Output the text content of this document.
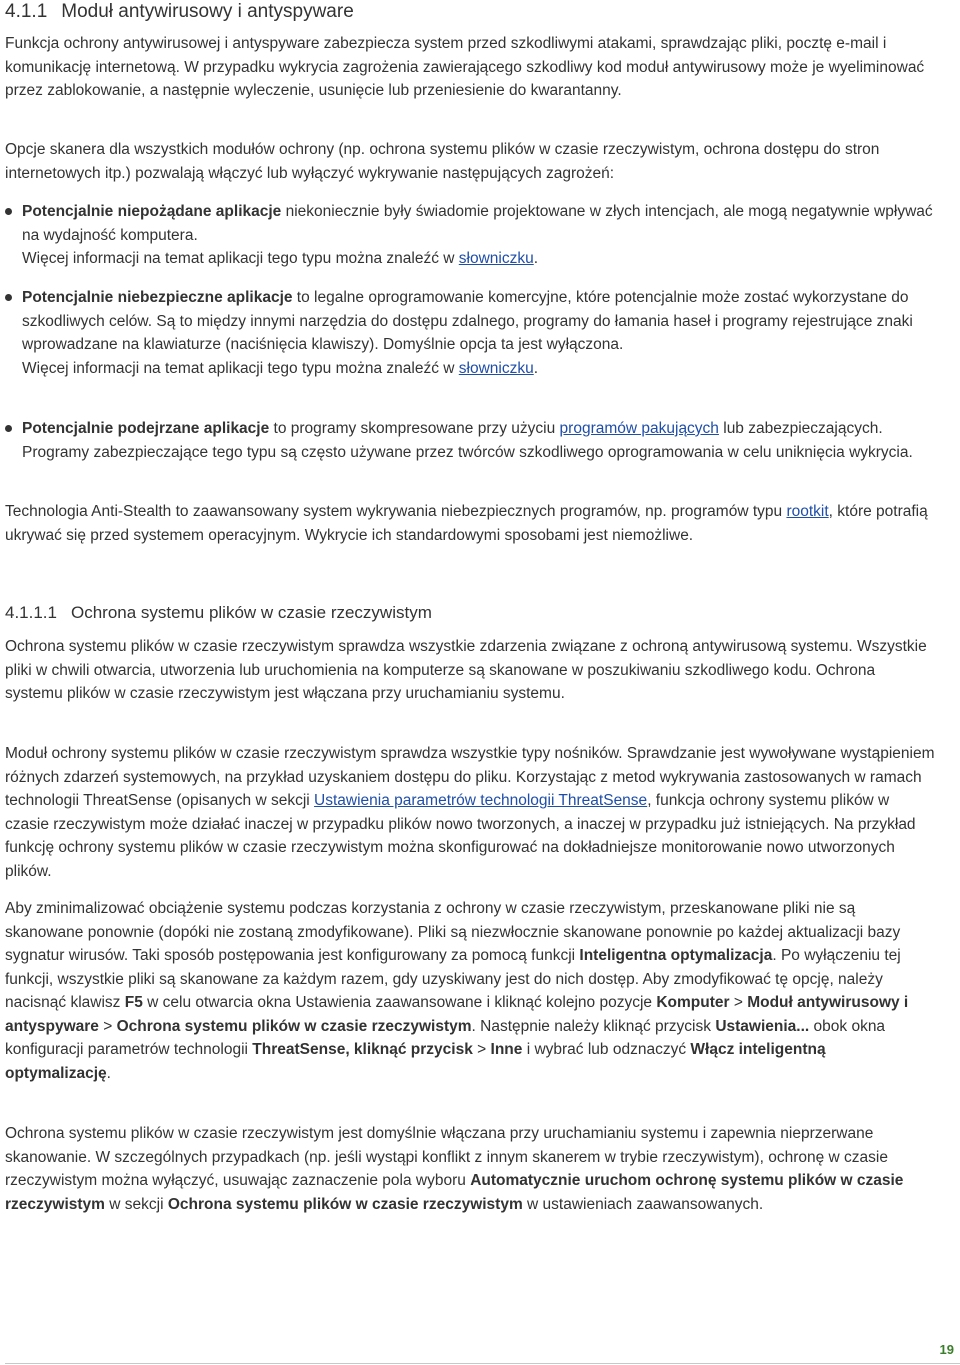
4.1.1 Moduł antywirusowy i antyspyware

Funkcja ochrony antywirusowej i antyspyware zabezpiecza system przed szkodliwymi atakami, sprawdzając pliki, pocztę e-mail i komunikację internetową. W przypadku wykrycia zagrożenia zawierającego szkodliwy kod moduł antywirusowy może je wyeliminować przez zablokowanie, a następnie wyleczenie, usunięcie lub przeniesienie do kwarantanny.

Opcje skanera dla wszystkich modułów ochrony (np. ochrona systemu plików w czasie rzeczywistym, ochrona dostępu do stron internetowych itp.) pozwalają włączyć lub wyłączyć wykrywanie następujących zagrożeń:

Potencjalnie niepożądane aplikacje niekoniecznie były świadomie projektowane w złych intencjach, ale mogą negatywnie wpływać na wydajność komputera.
Więcej informacji na temat aplikacji tego typu można znaleźć w słowniczku.
Potencjalnie niebezpieczne aplikacje to legalne oprogramowanie komercyjne, które potencjalnie może zostać wykorzystane do szkodliwych celów. Są to między innymi narzędzia do dostępu zdalnego, programy do łamania haseł i programy rejestrujące znaki wprowadzane na klawiaturze (naciśnięcia klawiszy). Domyślnie opcja ta jest wyłączona.
Więcej informacji na temat aplikacji tego typu można znaleźć w słowniczku.
Potencjalnie podejrzane aplikacje to programy skompresowane przy użyciu programów pakujących lub zabezpieczających. Programy zabezpieczające tego typu są często używane przez twórców szkodliwego oprogramowania w celu uniknięcia wykrycia.

Technologia Anti-Stealth to zaawansowany system wykrywania niebezpiecznych programów, np. programów typu rootkit, które potrafią ukrywać się przed systemem operacyjnym. Wykrycie ich standardowymi sposobami jest niemożliwe.

4.1.1.1 Ochrona systemu plików w czasie rzeczywistym

Ochrona systemu plików w czasie rzeczywistym sprawdza wszystkie zdarzenia związane z ochroną antywirusową systemu. Wszystkie pliki w chwili otwarcia, utworzenia lub uruchomienia na komputerze są skanowane w poszukiwaniu szkodliwego kodu. Ochrona systemu plików w czasie rzeczywistym jest włączana przy uruchamianiu systemu.

Moduł ochrony systemu plików w czasie rzeczywistym sprawdza wszystkie typy nośników. Sprawdzanie jest wywoływane wystąpieniem różnych zdarzeń systemowych, na przykład uzyskaniem dostępu do pliku. Korzystając z metod wykrywania zastosowanych w ramach technologii ThreatSense (opisanych w sekcji Ustawienia parametrów technologii ThreatSense, funkcja ochrony systemu plików w czasie rzeczywistym może działać inaczej w przypadku plików nowo tworzonych, a inaczej w przypadku już istniejących. Na przykład funkcję ochrony systemu plików w czasie rzeczywistym można skonfigurować na dokładniejsze monitorowanie nowo utworzonych plików.

Aby zminimalizować obciążenie systemu podczas korzystania z ochrony w czasie rzeczywistym, przeskanowane pliki nie są skanowane ponownie (dopóki nie zostaną zmodyfikowane). Pliki są niezwłocznie skanowane ponownie po każdej aktualizacji bazy sygnatur wirusów. Taki sposób postępowania jest konfigurowany za pomocą funkcji Inteligentna optymalizacja. Po wyłączeniu tej funkcji, wszystkie pliki są skanowane za każdym razem, gdy uzyskiwany jest do nich dostęp. Aby zmodyfikować tę opcję, należy nacisnąć klawisz F5 w celu otwarcia okna Ustawienia zaawansowane i kliknąć kolejno pozycje Komputer > Moduł antywirusowy i antyspyware > Ochrona systemu plików w czasie rzeczywistym. Następnie należy kliknąć przycisk Ustawienia... obok okna konfiguracji parametrów technologii ThreatSense, kliknąć przycisk > Inne i wybrać lub odznaczyć Włącz inteligentną optymalizację.

Ochrona systemu plików w czasie rzeczywistym jest domyślnie włączana przy uruchamianiu systemu i zapewnia nieprzerwane skanowanie. W szczególnych przypadkach (np. jeśli wystąpi konflikt z innym skanerem w trybie rzeczywistym), ochronę w czasie rzeczywistym można wyłączyć, usuwając zaznaczenie pola wyboru Automatycznie uruchom ochronę systemu plików w czasie rzeczywistym w sekcji Ochrona systemu plików w czasie rzeczywistym w ustawieniach zaawansowanych.

19
